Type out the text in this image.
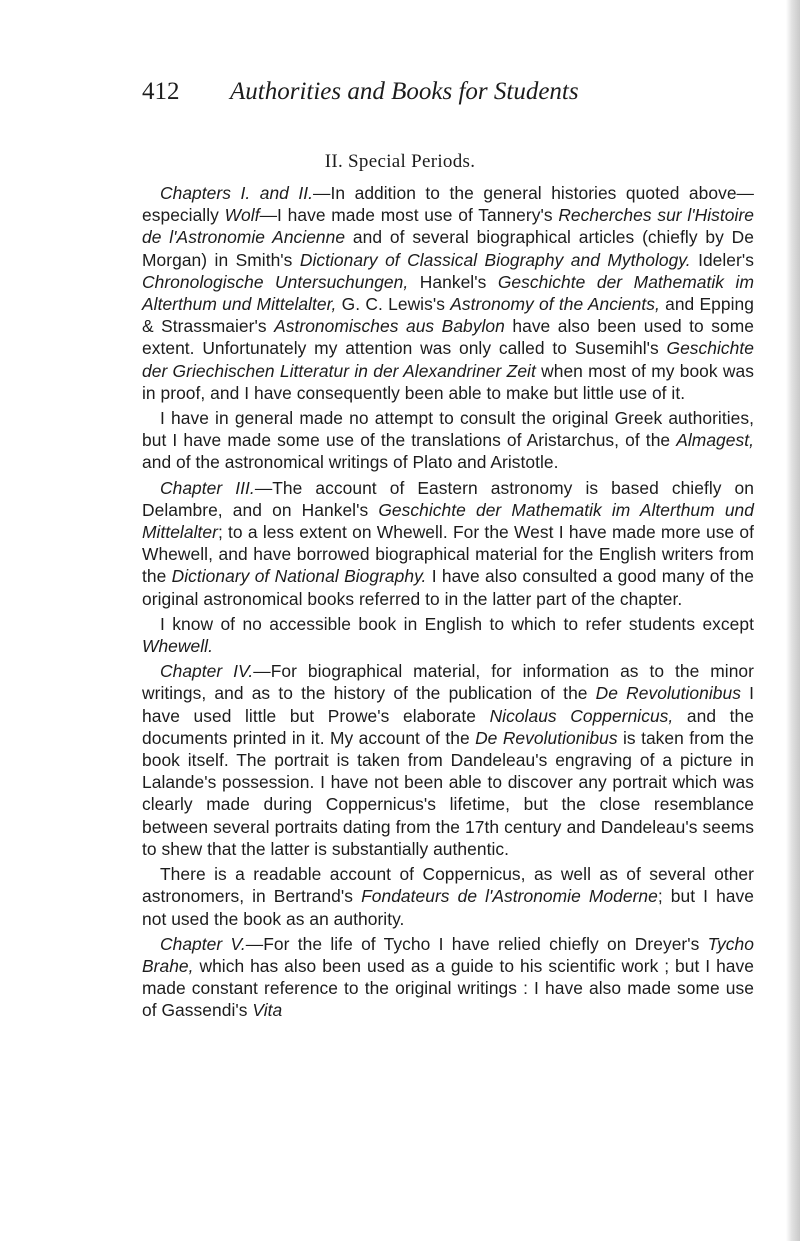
412 Authorities and Books for Students
II. Special Periods.

Chapters I. and II.—In addition to the general histories quoted above—especially Wolf—I have made most use of Tannery's Recherches sur l'Histoire de l'Astronomie Ancienne and of several biographical articles (chiefly by De Morgan) in Smith's Dictionary of Classical Biography and Mythology. Ideler's Chronologische Untersuchungen, Hankel's Geschichte der Mathematik im Alterthum und Mittelalter, G. C. Lewis's Astronomy of the Ancients, and Epping & Strassmaier's Astronomisches aus Babylon have also been used to some extent. Unfortunately my attention was only called to Susemihl's Geschichte der Griechischen Litteratur in der Alexandriner Zeit when most of my book was in proof, and I have consequently been able to make but little use of it.

I have in general made no attempt to consult the original Greek authorities, but I have made some use of the translations of Aristarchus, of the Almagest, and of the astronomical writings of Plato and Aristotle.

Chapter III.—The account of Eastern astronomy is based chiefly on Delambre, and on Hankel's Geschichte der Mathematik im Alterthum und Mittelalter; to a less extent on Whewell. For the West I have made more use of Whewell, and have borrowed biographical material for the English writers from the Dictionary of National Biography. I have also consulted a good many of the original astronomical books referred to in the latter part of the chapter.

I know of no accessible book in English to which to refer students except Whewell.

Chapter IV.—For biographical material, for information as to the minor writings, and as to the history of the publication of the De Revolutionibus I have used little but Prowe's elaborate Nicolaus Coppernicus, and the documents printed in it. My account of the De Revolutionibus is taken from the book itself. The portrait is taken from Dandeleau's engraving of a picture in Lalande's possession. I have not been able to discover any portrait which was clearly made during Coppernicus's lifetime, but the close resemblance between several portraits dating from the 17th century and Dandeleau's seems to shew that the latter is substantially authentic.

There is a readable account of Coppernicus, as well as of several other astronomers, in Bertrand's Fondateurs de l'Astronomie Moderne; but I have not used the book as an authority.

Chapter V.—For the life of Tycho I have relied chiefly on Dreyer's Tycho Brahe, which has also been used as a guide to his scientific work ; but I have made constant reference to the original writings : I have also made some use of Gassendi's Vita
